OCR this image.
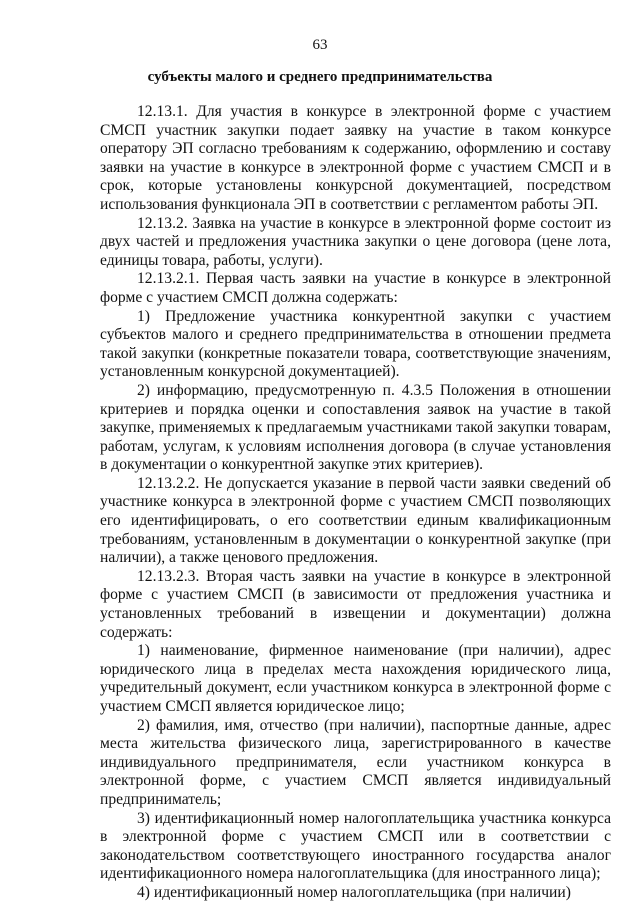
63
субъекты малого и среднего предпринимательства

12.13.1. Для участия в конкурсе в электронной форме с участием СМСП участник закупки подает заявку на участие в таком конкурсе оператору ЭП согласно требованиям к содержанию, оформлению и составу заявки на участие в конкурсе в электронной форме с участием СМСП и в срок, которые установлены конкурсной документацией, посредством использования функционала ЭП в соответствии с регламентом работы ЭП.

12.13.2. Заявка на участие в конкурсе в электронной форме состоит из двух частей и предложения участника закупки о цене договора (цене лота, единицы товара, работы, услуги).

12.13.2.1. Первая часть заявки на участие в конкурсе в электронной форме с участием СМСП должна содержать:

1) Предложение участника конкурентной закупки с участием субъектов малого и среднего предпринимательства в отношении предмета такой закупки (конкретные показатели товара, соответствующие значениям, установленным конкурсной документацией).

2) информацию, предусмотренную п. 4.3.5 Положения в отношении критериев и порядка оценки и сопоставления заявок на участие в такой закупке, применяемых к предлагаемым участниками такой закупки товарам, работам, услугам, к условиям исполнения договора (в случае установления в документации о конкурентной закупке этих критериев).

12.13.2.2. Не допускается указание в первой части заявки сведений об участнике конкурса в электронной форме с участием СМСП позволяющих его идентифицировать, о его соответствии единым квалификационным требованиям, установленным в документации о конкурентной закупке (при наличии), а также ценового предложения.

12.13.2.3. Вторая часть заявки на участие в конкурсе в электронной форме с участием СМСП (в зависимости от предложения участника и установленных требований в извещении и документации) должна содержать:

1) наименование, фирменное наименование (при наличии), адрес юридического лица в пределах места нахождения юридического лица, учредительный документ, если участником конкурса в электронной форме с участием СМСП является юридическое лицо;

2) фамилия, имя, отчество (при наличии), паспортные данные, адрес места жительства физического лица, зарегистрированного в качестве индивидуального предпринимателя, если участником конкурса в электронной форме, с участием СМСП является индивидуальный предприниматель;

3) идентификационный номер налогоплательщика участника конкурса в электронной форме с участием СМСП или в соответствии с законодательством соответствующего иностранного государства аналог идентификационного номера налогоплательщика (для иностранного лица);

4) идентификационный номер налогоплательщика (при наличии)
